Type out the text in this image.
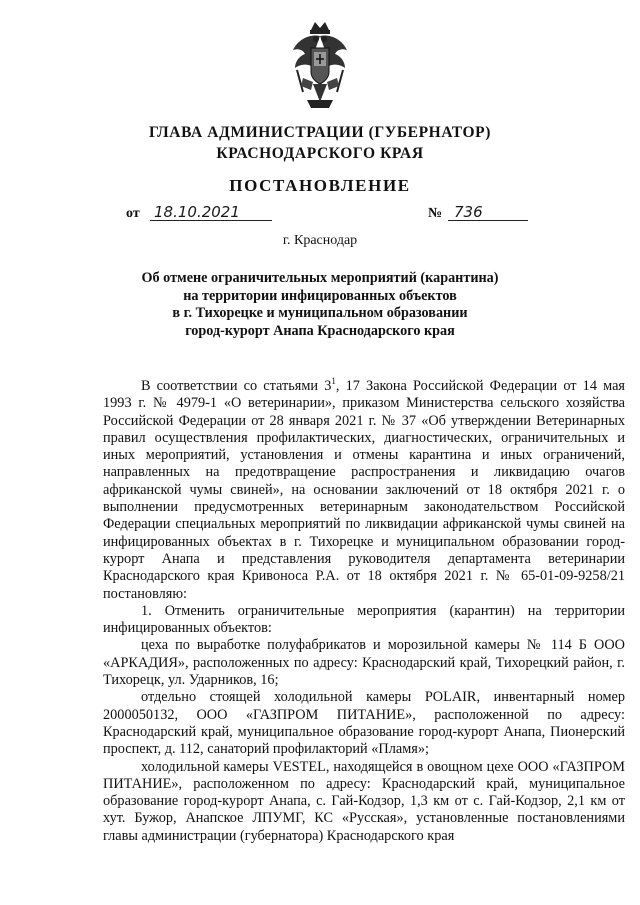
ГЛАВА АДМИНИСТРАЦИИ (ГУБЕРНАТОР)
КРАСНОДАРСКОГО КРАЯ
ПОСТАНОВЛЕНИЕ
от 18.10.2021	№ 736
г. Краснодар
Об отмене ограничительных мероприятий (карантина)
на территории инфицированных объектов
в г. Тихорецке и муниципальном образовании
город-курорт Анапа Краснодарского края

В соответствии со статьями $3^1$, 17 Закона Российской Федерации от 14 мая 1993 г. № 4979-1 «О ветеринарии», приказом Министерства сельского хозяйства Российской Федерации от 28 января 2021 г. № 37 «Об утверждении Ветеринарных правил осуществления профилактических, диагностических, ограничительных и иных мероприятий, установления и отмены карантина и иных ограничений, направленных на предотвращение распространения и ликвидацию очагов африканской чумы свиней», на основании заключений от 18 октября 2021 г. о выполнении предусмотренных ветеринарным законодательством Российской Федерации специальных мероприятий по ликвидации африканской чумы свиней на инфицированных объектах в г. Тихорецке и муниципальном образовании город-курорт Анапа и представления руководителя департамента ветеринарии Краснодарского края Кривоноса Р.А. от 18 октября 2021 г. № 65-01-09-9258/21 постановляю:

1. Отменить ограничительные мероприятия (карантин) на территории инфицированных объектов:

цеха по выработке полуфабрикатов и морозильной камеры № 114 Б ООО «АРКАДИЯ», расположенных по адресу: Краснодарский край, Тихорецкий район, г. Тихорецк, ул. Ударников, 16;

отдельно стоящей холодильной камеры POLAIR, инвентарный номер 2000050132, ООО «ГАЗПРОМ ПИТАНИЕ», расположенной по адресу: Краснодарский край, муниципальное образование город-курорт Анапа, Пионерский проспект, д. 112, санаторий профилакторий «Пламя»;

холодильной камеры VESTEL, находящейся в овощном цехе ООО «ГАЗПРОМ ПИТАНИЕ», расположенном по адресу: Краснодарский край, муниципальное образование город-курорт Анапа, с. Гай-Кодзор, 1,3 км от с. Гай-Кодзор, 2,1 км от хут. Бужор, Анапское ЛПУМГ, КС «Русская», установленные постановлениями главы администрации (губернатора) Краснодарского края
